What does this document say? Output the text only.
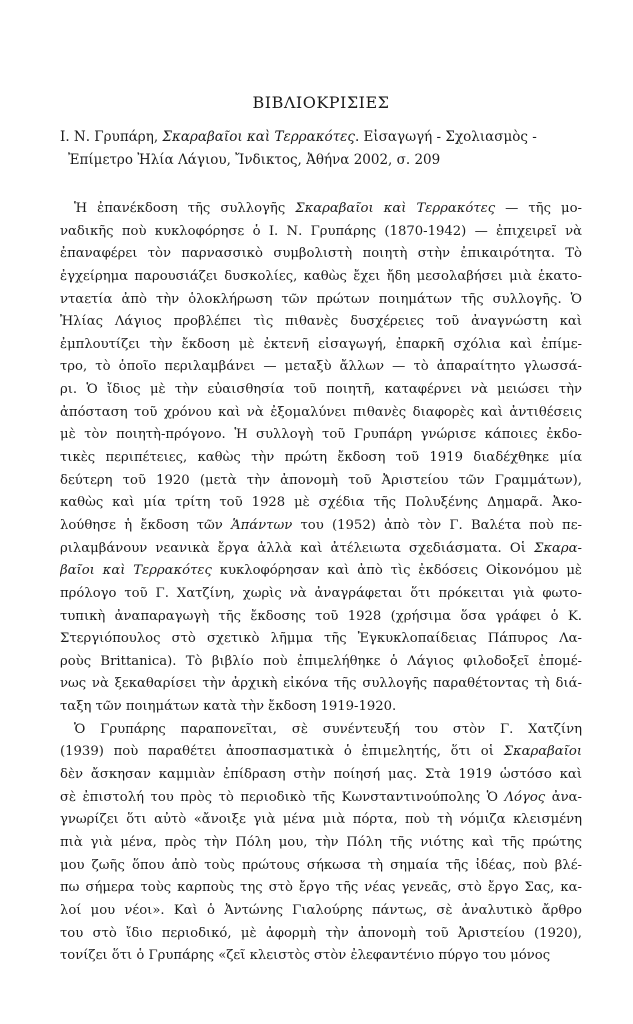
ΒΙΒΛΙΟΚΡΙΣΙΕΣ
Ι. Ν. Γρυπάρη, Σκαραβαῖοι καὶ Τερρακότες. Εἰσαγωγή - Σχολιασμὸς -
Ἐπίμετρο Ἠλία Λάγιου, Ἴνδικτος, Ἀθήνα 2002, σ. 209
Ἡ ἐπανέκδοση τῆς συλλογῆς Σκαραβαῖοι καὶ Τερρακότες — τῆς μο-
ναδικῆς ποὺ κυκλοφόρησε ὁ Ι. Ν. Γρυπάρης (1870-1942) — ἐπιχειρεῖ νὰ
ἐπαναφέρει τὸν παρνασσικὸ συμβολιστὴ ποιητὴ στὴν ἐπικαιρότητα. Τὸ
ἐγχείρημα παρουσιάζει δυσκολίες, καθὼς ἔχει ἤδη μεσολαβήσει μιὰ ἑκατο-
νταετία ἀπὸ τὴν ὁλοκλήρωση τῶν πρώτων ποιημάτων τῆς συλλογῆς. Ὁ
Ἠλίας Λάγιος προβλέπει τὶς πιθανὲς δυσχέρειες τοῦ ἀναγνώστη καὶ
ἐμπλουτίζει τὴν ἔκδοση μὲ ἐκτενῆ εἰσαγωγή, ἐπαρκῆ σχόλια καὶ ἐπίμε-
τρο, τὸ ὁποῖο περιλαμβάνει — μεταξὺ ἄλλων — τὸ ἀπαραίτητο γλωσσά-
ρι. Ὁ ἴδιος μὲ τὴν εὐαισθησία τοῦ ποιητῆ, καταφέρνει νὰ μειώσει τὴν
ἀπόσταση τοῦ χρόνου καὶ νὰ ἐξομαλύνει πιθανὲς διαφορὲς καὶ ἀντιθέσεις
μὲ τὸν ποιητὴ-πρόγονο. Ἡ συλλογὴ τοῦ Γρυπάρη γνώρισε κάποιες ἐκδο-
τικὲς περιπέτειες, καθὼς τὴν πρώτη ἔκδοση τοῦ 1919 διαδέχθηκε μία
δεύτερη τοῦ 1920 (μετὰ τὴν ἀπονομὴ τοῦ Ἀριστείου τῶν Γραμμάτων),
καθὼς καὶ μία τρίτη τοῦ 1928 μὲ σχέδια τῆς Πολυξένης Δημαρᾶ. Ἀκο-
λούθησε ἡ ἔκδοση τῶν Ἁπάντων του (1952) ἀπὸ τὸν Γ. Βαλέτα ποὺ πε-
ριλαμβάνουν νεανικὰ ἔργα ἀλλὰ καὶ ἀτέλειωτα σχεδιάσματα. Οἱ Σκαρα-
βαῖοι καὶ Τερρακότες κυκλοφόρησαν καὶ ἀπὸ τὶς ἐκδόσεις Οἰκονόμου μὲ
πρόλογο τοῦ Γ. Χατζίνη, χωρὶς νὰ ἀναγράφεται ὅτι πρόκειται γιὰ φωτο-
τυπικὴ ἀναπαραγωγὴ τῆς ἔκδοσης τοῦ 1928 (χρήσιμα ὅσα γράφει ὁ Κ.
Στεργιόπουλος στὸ σχετικὸ λῆμμα τῆς Ἐγκυκλοπαίδειας Πάπυρος Λα-
ροὺς Brittanica). Τὸ βιβλίο ποὺ ἐπιμελήθηκε ὁ Λάγιος φιλοδοξεῖ ἐπομέ-
νως νὰ ξεκαθαρίσει τὴν ἀρχικὴ εἰκόνα τῆς συλλογῆς παραθέτοντας τὴ διά-
ταξη τῶν ποιημάτων κατὰ τὴν ἔκδοση 1919-1920.
Ὁ Γρυπάρης παραπονεῖται, σὲ συνέντευξή του στὸν Γ. Χατζίνη
(1939) ποὺ παραθέτει ἀποσπασματικὰ ὁ ἐπιμελητής, ὅτι οἱ Σκαραβαῖοι
δὲν ἄσκησαν καμμιὰν ἐπίδραση στὴν ποίησή μας. Στὰ 1919 ὡστόσο καὶ
σὲ ἐπιστολή του πρὸς τὸ περιοδικὸ τῆς Κωνσταντινούπολης Ὁ Λόγος ἀνα-
γνωρίζει ὅτι αὐτὸ «ἄνοιξε γιὰ μένα μιὰ πόρτα, ποὺ τὴ νόμιζα κλεισμένη
πιὰ γιὰ μένα, πρὸς τὴν Πόλη μου, τὴν Πόλη τῆς νιότης καὶ τῆς πρώτης
μου ζωῆς ὅπου ἀπὸ τοὺς πρώτους σήκωσα τὴ σημαία τῆς ἰδέας, ποὺ βλέ-
πω σήμερα τοὺς καρποὺς της στὸ ἔργο τῆς νέας γενεᾶς, στὸ ἔργο Σας, κα-
λοί μου νέοι». Καὶ ὁ Ἀντώνης Γιαλούρης πάντως, σὲ ἀναλυτικὸ ἄρθρο
του στὸ ἴδιο περιοδικό, μὲ ἀφορμὴ τὴν ἀπονομὴ τοῦ Ἀριστείου (1920),
τονίζει ὅτι ὁ Γρυπάρης «ζεῖ κλειστὸς στὸν ἐλεφαντένιο πύργο του μόνος
